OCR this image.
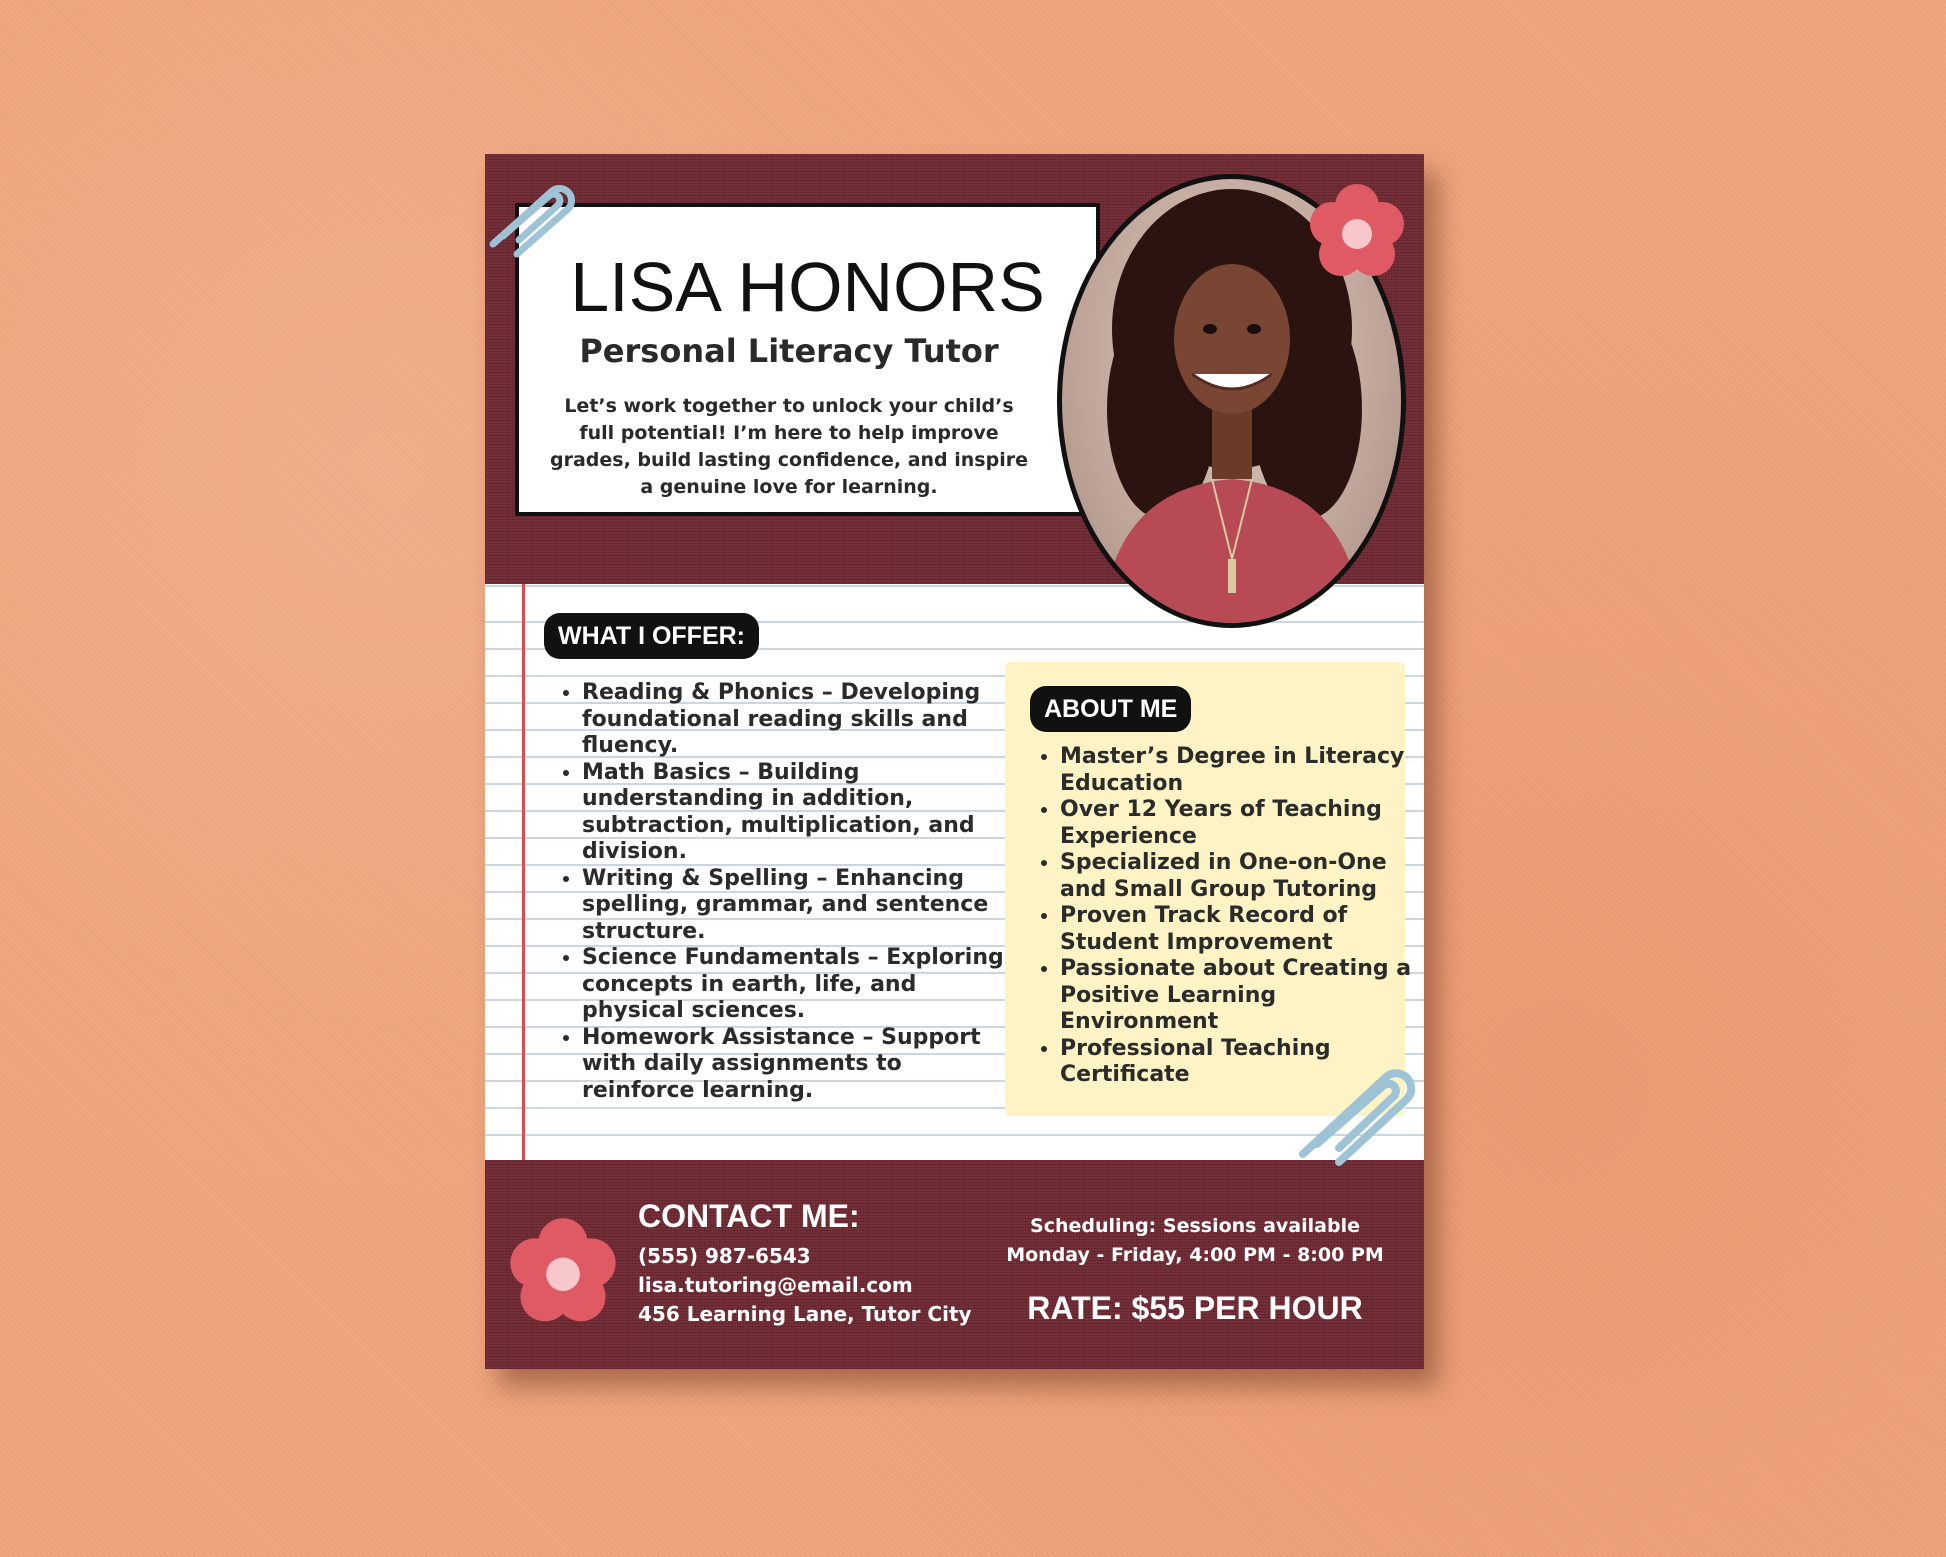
LISA HONORS
Personal Literacy Tutor
Let’s work together to unlock your child’s full potential! I’m here to help improve grades, build lasting confidence, and inspire a genuine love for learning.
WHAT I OFFER:
• Reading & Phonics – Developing foundational reading skills and fluency.
• Math Basics – Building understanding in addition, subtraction, multiplication, and division.
• Writing & Spelling – Enhancing spelling, grammar, and sentence structure.
• Science Fundamentals – Exploring concepts in earth, life, and physical sciences.
• Homework Assistance – Support with daily assignments to reinforce learning.
ABOUT ME
• Master’s Degree in Literacy Education
• Over 12 Years of Teaching Experience
• Specialized in One-on-One and Small Group Tutoring
• Proven Track Record of Student Improvement
• Passionate about Creating a Positive Learning Environment
• Professional Teaching Certificate
CONTACT ME:
(555) 987-6543
lisa.tutoring@email.com
456 Learning Lane, Tutor City
Scheduling: Sessions available
Monday - Friday, 4:00 PM - 8:00 PM
RATE: $55 PER HOUR
